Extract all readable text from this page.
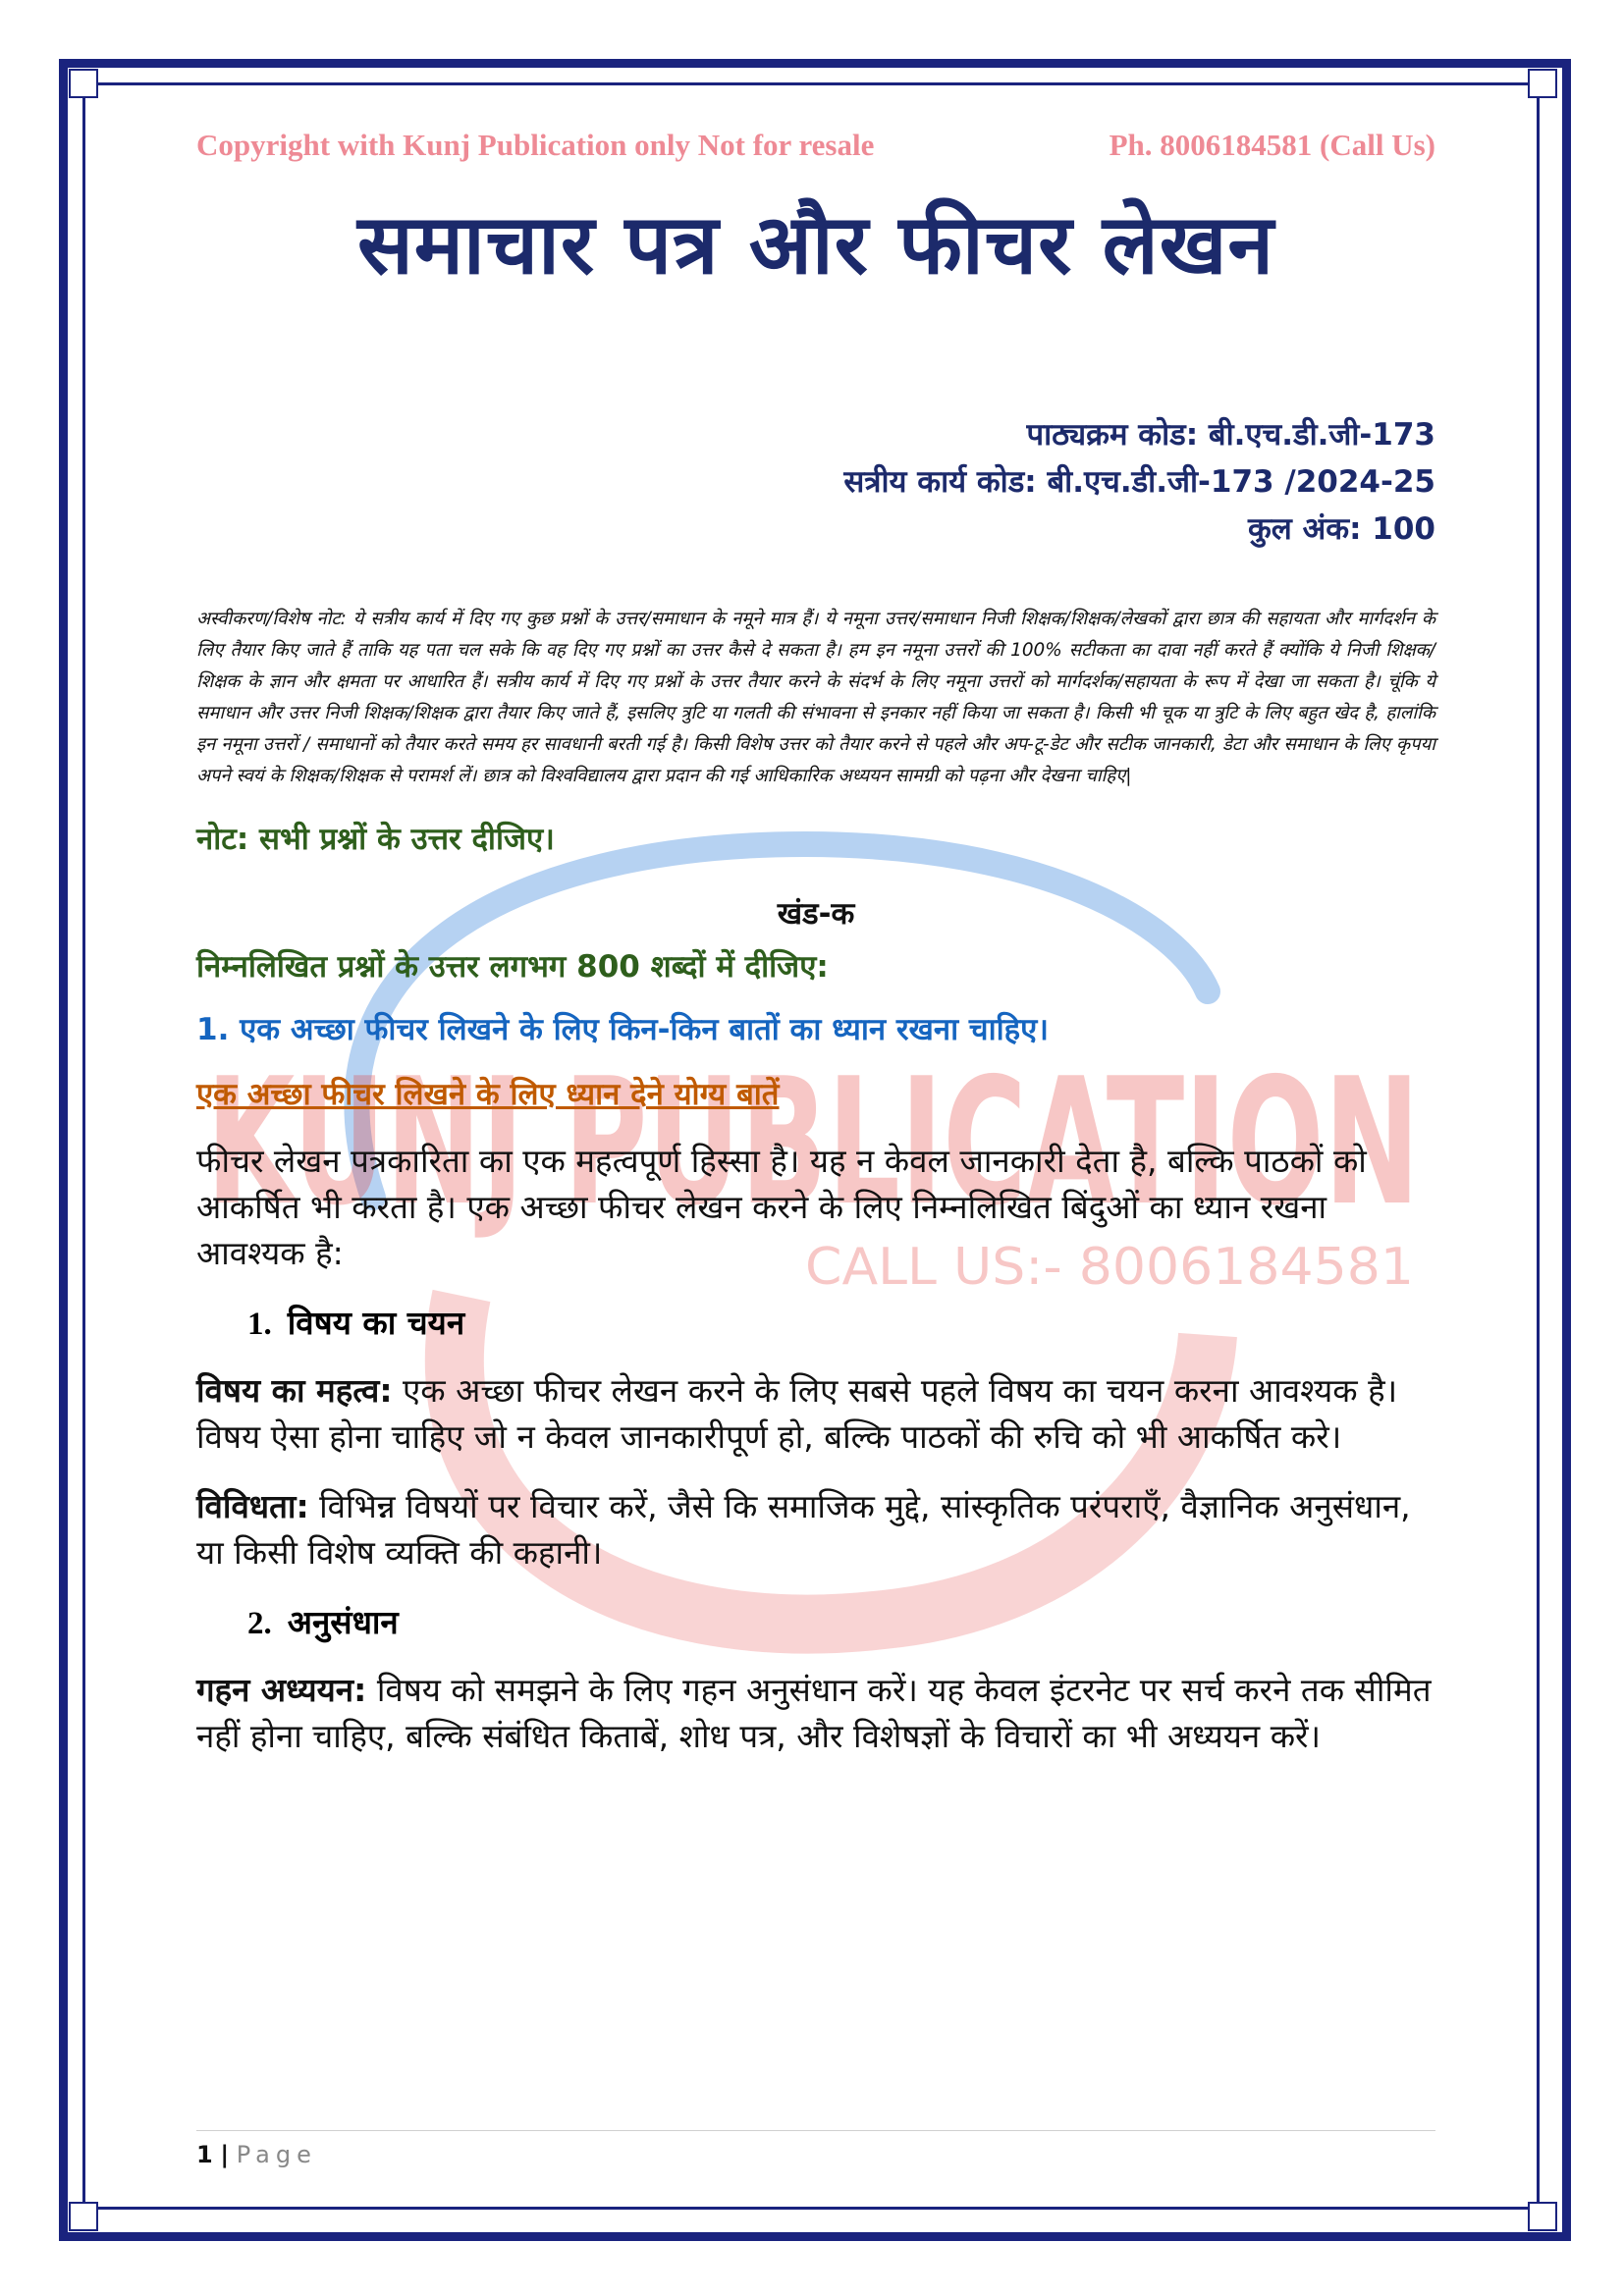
KUNJ PUBLICATION
CALL US:- 8006184581
Copyright with Kunj Publication only Not for resale	Ph. 8006184581 (Call Us)
समाचार पत्र और फीचर लेखन
पाठ्यक्रम कोड: बी.एच.डी.जी-173
सत्रीय कार्य कोड: बी.एच.डी.जी-173 /2024-25
कुल अंक: 100
अस्वीकरण/विशेष नोट: ये सत्रीय कार्य में दिए गए कुछ प्रश्नों के उत्तर/समाधान के नमूने मात्र हैं। ये नमूना उत्तर/समाधान निजी शिक्षक/शिक्षक/लेखकों द्वारा छात्र की सहायता और मार्गदर्शन के लिए तैयार किए जाते हैं ताकि यह पता चल सके कि वह दिए गए प्रश्नों का उत्तर कैसे दे सकता है। हम इन नमूना उत्तरों की 100% सटीकता का दावा नहीं करते हैं क्योंकि ये निजी शिक्षक/शिक्षक के ज्ञान और क्षमता पर आधारित हैं। सत्रीय कार्य में दिए गए प्रश्नों के उत्तर तैयार करने के संदर्भ के लिए नमूना उत्तरों को मार्गदर्शक/सहायता के रूप में देखा जा सकता है। चूंकि ये समाधान और उत्तर निजी शिक्षक/शिक्षक द्वारा तैयार किए जाते हैं, इसलिए त्रुटि या गलती की संभावना से इनकार नहीं किया जा सकता है। किसी भी चूक या त्रुटि के लिए बहुत खेद है, हालांकि इन नमूना उत्तरों / समाधानों को तैयार करते समय हर सावधानी बरती गई है। किसी विशेष उत्तर को तैयार करने से पहले और अप-टू-डेट और सटीक जानकारी, डेटा और समाधान के लिए कृपया अपने स्वयं के शिक्षक/शिक्षक से परामर्श लें। छात्र को विश्वविद्यालय द्वारा प्रदान की गई आधिकारिक अध्ययन सामग्री को पढ़ना और देखना चाहिए|
नोट: सभी प्रश्नों के उत्तर दीजिए।
खंड-क
निम्नलिखित प्रश्नों के उत्तर लगभग 800 शब्दों में दीजिए:
1. एक अच्छा फीचर लिखने के लिए किन-किन बातों का ध्यान रखना चाहिए।
एक अच्छा फीचर लिखने के लिए ध्यान देने योग्य बातें
फीचर लेखन पत्रकारिता का एक महत्वपूर्ण हिस्सा है। यह न केवल जानकारी देता है, बल्कि पाठकों को आकर्षित भी करता है। एक अच्छा फीचर लेखन करने के लिए निम्नलिखित बिंदुओं का ध्यान रखना आवश्यक है:
1. विषय का चयन
विषय का महत्व: एक अच्छा फीचर लेखन करने के लिए सबसे पहले विषय का चयन करना आवश्यक है। विषय ऐसा होना चाहिए जो न केवल जानकारीपूर्ण हो, बल्कि पाठकों की रुचि को भी आकर्षित करे।
विविधता: विभिन्न विषयों पर विचार करें, जैसे कि समाजिक मुद्दे, सांस्कृतिक परंपराएँ, वैज्ञानिक अनुसंधान, या किसी विशेष व्यक्ति की कहानी।
2. अनुसंधान
गहन अध्ययन: विषय को समझने के लिए गहन अनुसंधान करें। यह केवल इंटरनेट पर सर्च करने तक सीमित नहीं होना चाहिए, बल्कि संबंधित किताबें, शोध पत्र, और विशेषज्ञों के विचारों का भी अध्ययन करें।
1 | Page
